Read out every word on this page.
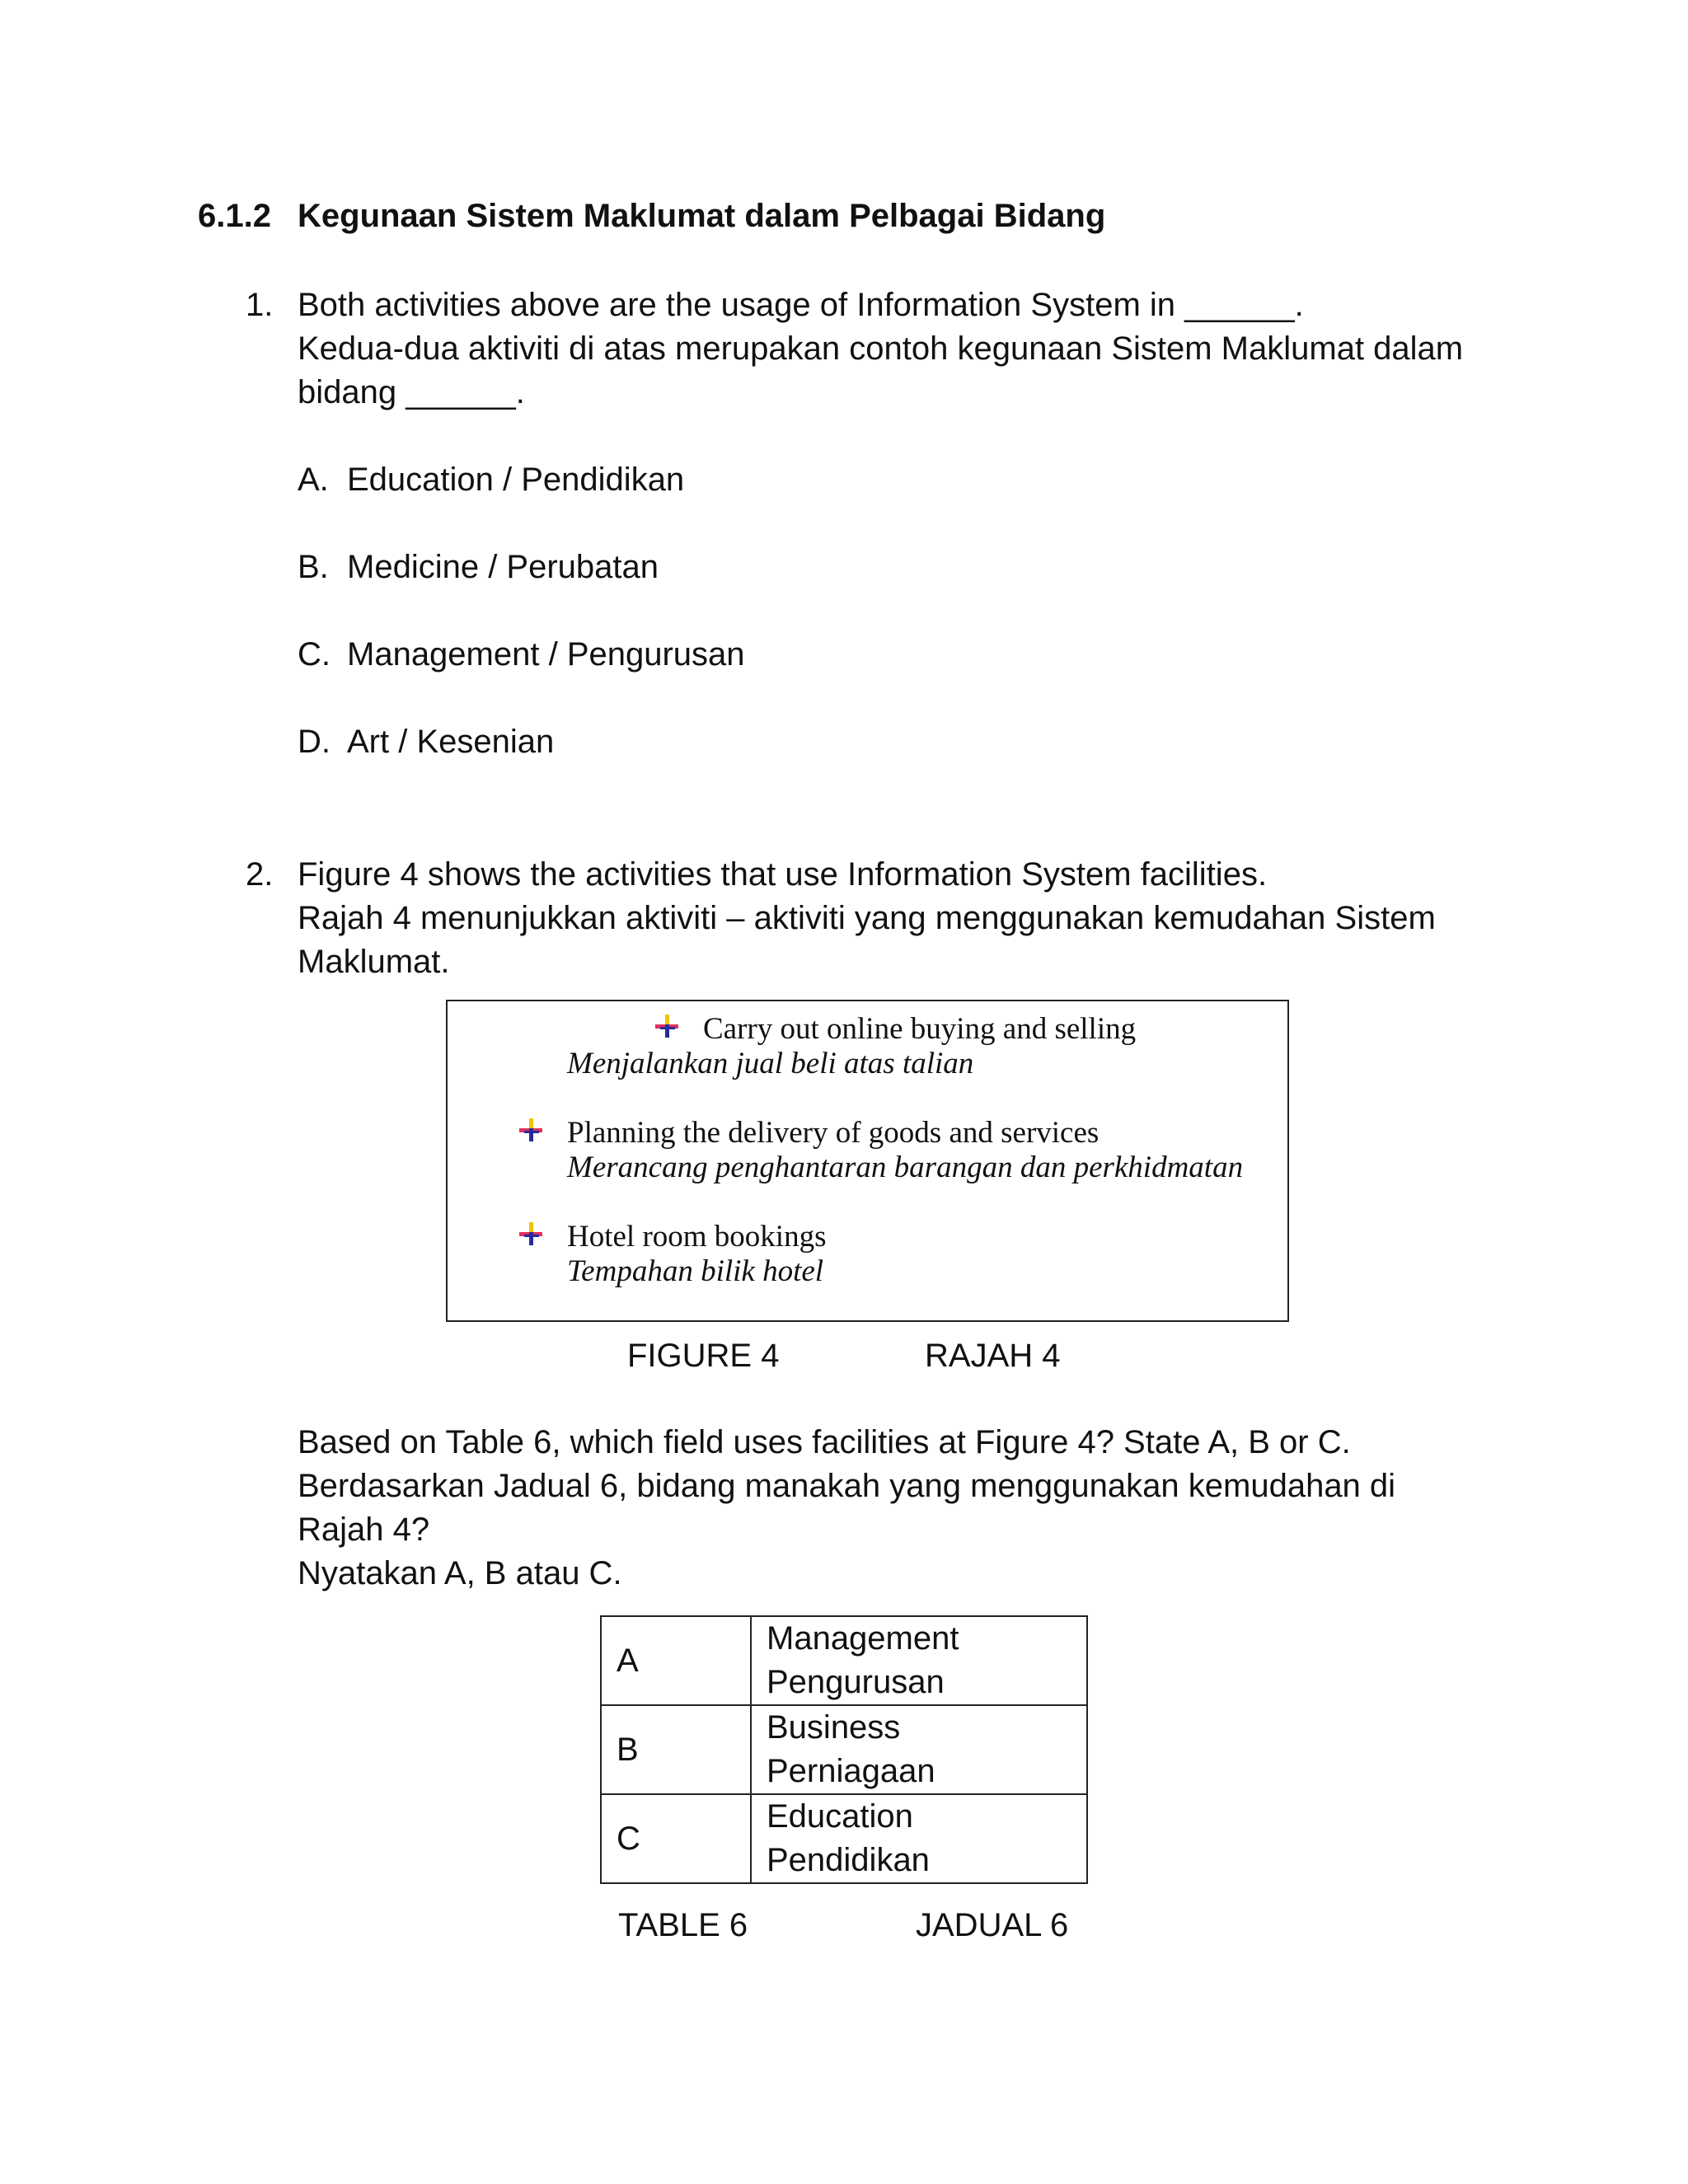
6.1.2 Kegunaan Sistem Maklumat dalam Pelbagai Bidang
1. Both activities above are the usage of Information System in ______.
Kedua-dua aktiviti di atas merupakan contoh kegunaan Sistem Maklumat dalam
bidang ______.
A. Education / Pendidikan
B. Medicine / Perubatan
C. Management / Pengurusan
D. Art / Kesenian
2. Figure 4 shows the activities that use Information System facilities.
Rajah 4 menunjukkan aktiviti – aktiviti yang menggunakan kemudahan Sistem
Maklumat.
Carry out online buying and selling
Menjalankan jual beli atas talian
Planning the delivery of goods and services
Merancang penghantaran barangan dan perkhidmatan
Hotel room bookings
Tempahan bilik hotel
FIGURE 4	RAJAH 4
Based on Table 6, which field uses facilities at Figure 4? State A, B or C.
Berdasarkan Jadual 6, bidang manakah yang menggunakan kemudahan di
Rajah 4?
Nyatakan A, B atau C.
A	Management
Pengurusan

B	Business
Perniagaan

C	Education
Pendidikan
TABLE 6	JADUAL 6
